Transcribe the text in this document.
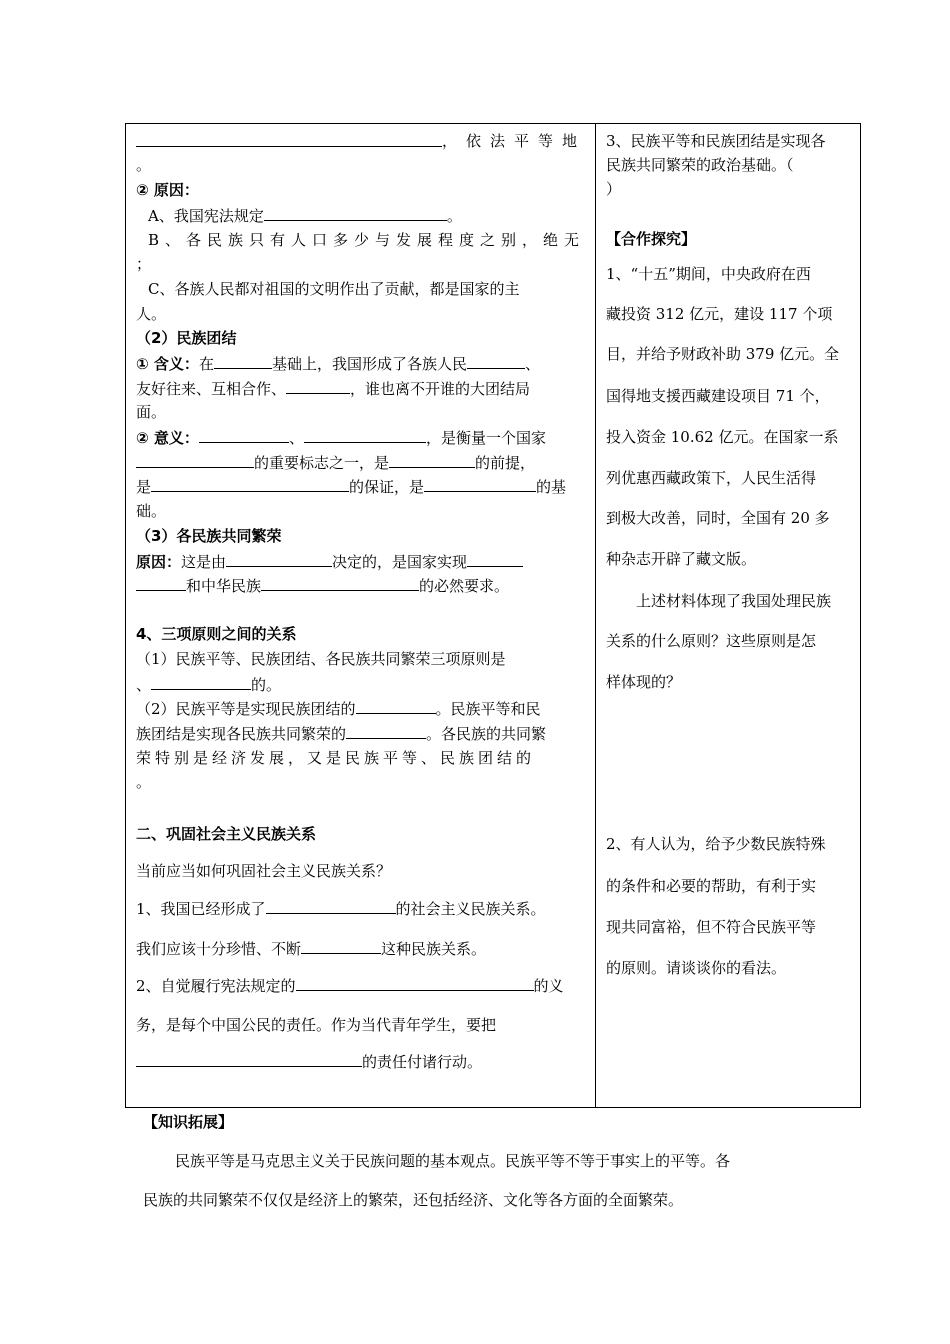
，依法平等地
。
② 原因：
A、我国宪法规定	。
B、各民族只有人口多少与发展程度之别，绝无
；
C、各族人民都对祖国的文明作出了贡献，都是国家的主
人。
（2）民族团结
① 含义：在	基础上，我国形成了各族人民	、
友好往来、互相合作、	，谁也离不开谁的大团结局
面。
② 意义：	、	，是衡量一个国家
的重要标志之一，是	的前提，
是	的保证，是	的基
础。
（3）各民族共同繁荣
原因：这是由	决定的，是国家实现
和中华民族	的必然要求。
4、三项原则之间的关系
（1）民族平等、民族团结、各民族共同繁荣三项原则是
、	的。
（2）民族平等是实现民族团结的	。民族平等和民
族团结是实现各民族共同繁荣的	。各民族的共同繁
荣特别是经济发展，又是民族平等、民族团结的
。
二、巩固社会主义民族关系
当前应当如何巩固社会主义民族关系？
1、我国已经形成了	的社会主义民族关系。
我们应该十分珍惜、不断	这种民族关系。
2、自觉履行宪法规定的	的义
务，是每个中国公民的责任。作为当代青年学生，要把
的责任付诸行动。
3、民族平等和民族团结是实现各
民族共同繁荣的政治基础。（
）
【合作探究】
1、“十五”期间，中央政府在西
藏投资 312 亿元，建设 117 个项
目，并给予财政补助 379 亿元。全
国得地支援西藏建设项目 71 个，
投入资金 10.62 亿元。在国家一系
列优惠西藏政策下，人民生活得
到极大改善，同时，全国有 20 多
种杂志开辟了藏文版。
上述材料体现了我国处理民族
关系的什么原则？这些原则是怎
样体现的？
2、有人认为，给予少数民族特殊
的条件和必要的帮助，有利于实
现共同富裕，但不符合民族平等
的原则。请谈谈你的看法。
【知识拓展】
民族平等是马克思主义关于民族问题的基本观点。民族平等不等于事实上的平等。各
民族的共同繁荣不仅仅是经济上的繁荣，还包括经济、文化等各方面的全面繁荣。
